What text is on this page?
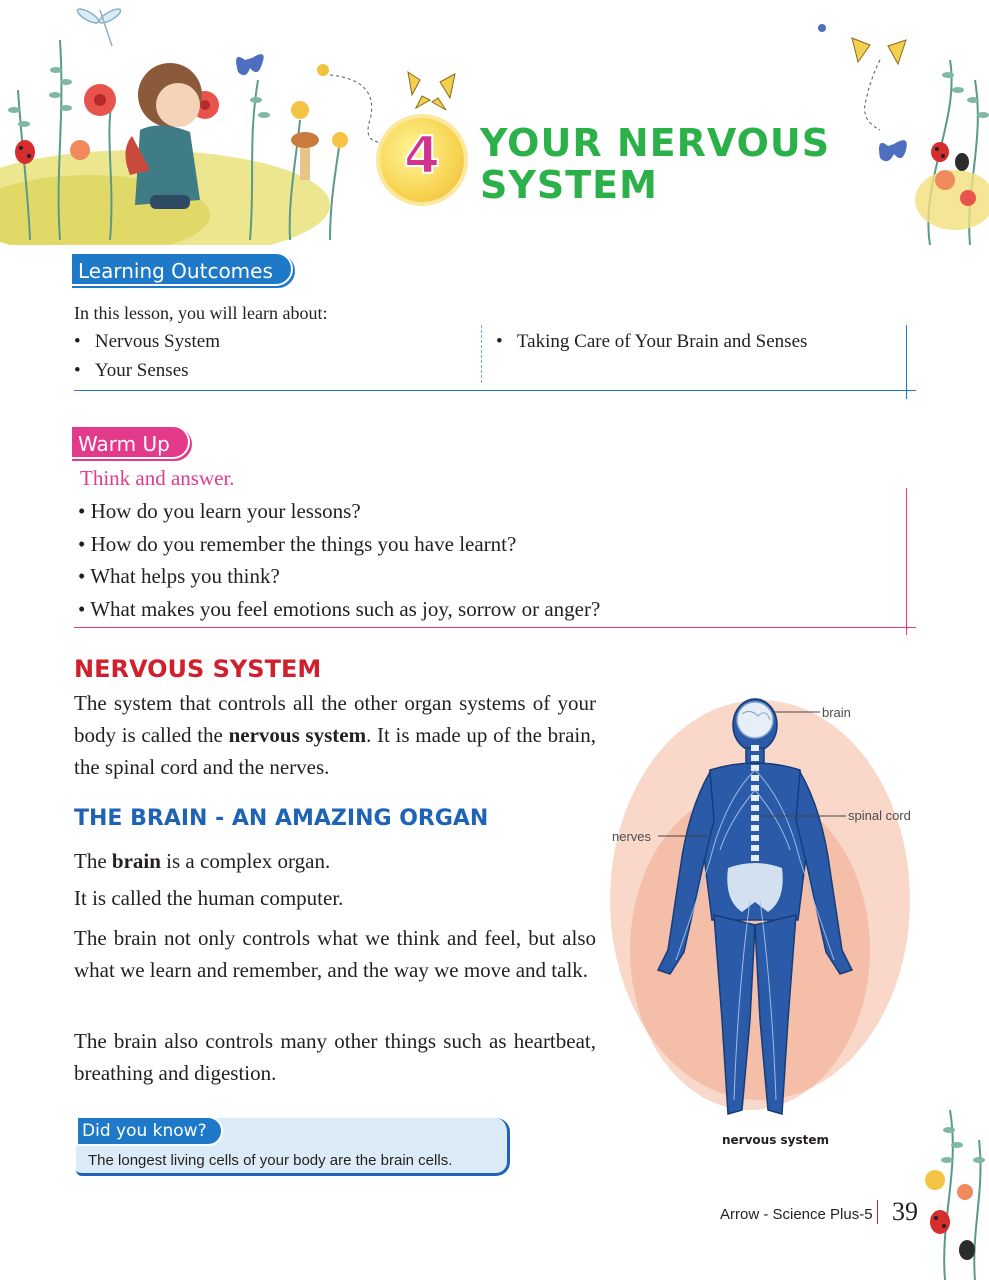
4	YOUR NERVOUS
SYSTEM
Learning Outcomes
In this lesson, you will learn about:
•   Nervous System
•   Your Senses
•   Taking Care of Your Brain and Senses
Warm Up
Think and answer.
• How do you learn your lessons?
• How do you remember the things you have learnt?
• What helps you think?
• What makes you feel emotions such as joy, sorrow or anger?
NERVOUS SYSTEM

The system that controls all the other organ systems of your body is called the nervous system. It is made up of the brain, the spinal cord and the nerves.

THE BRAIN - AN AMAZING ORGAN

The brain is a complex organ.

It is called the human computer.

The brain not only controls what we think and feel, but also what we learn and remember, and the way we move and talk.

The brain also controls many other things such as heartbeat, breathing and digestion.

Did you know?
The longest living cells of your body are the brain cells.
brain
spinal cord
nerves
nervous system
Arrow - Science Plus-5 39
